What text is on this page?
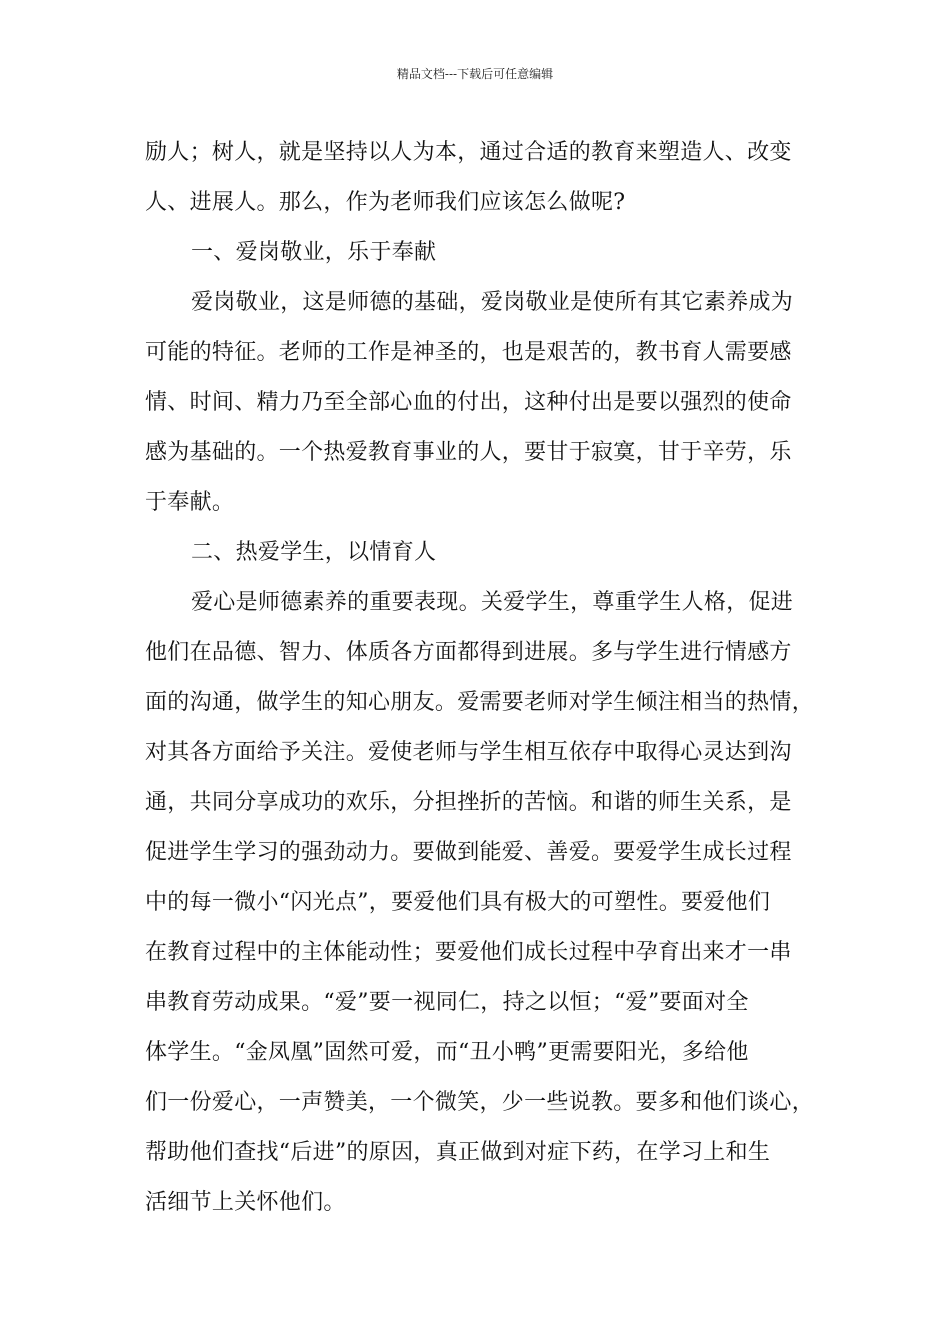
精品文档---下载后可任意编辑
励人；树人，就是坚持以人为本，通过合适的教育来塑造人、改变
人、进展人。那么，作为老师我们应该怎么做呢?
一、爱岗敬业，乐于奉献
爱岗敬业，这是师德的基础，爱岗敬业是使所有其它素养成为
可能的特征。老师的工作是神圣的，也是艰苦的，教书育人需要感
情、时间、精力乃至全部心血的付出，这种付出是要以强烈的使命
感为基础的。一个热爱教育事业的人，要甘于寂寞，甘于辛劳，乐
于奉献。
二、热爱学生，以情育人
爱心是师德素养的重要表现。关爱学生，尊重学生人格，促进
他们在品德、智力、体质各方面都得到进展。多与学生进行情感方
面的沟通，做学生的知心朋友。爱需要老师对学生倾注相当的热情，
对其各方面给予关注。爱使老师与学生相互依存中取得心灵达到沟
通，共同分享成功的欢乐，分担挫折的苦恼。和谐的师生关系，是
促进学生学习的强劲动力。要做到能爱、善爱。要爱学生成长过程
中的每一微小“闪光点”，要爱他们具有极大的可塑性。要爱他们
在教育过程中的主体能动性；要爱他们成长过程中孕育出来才一串
串教育劳动成果。“爱”要一视同仁，持之以恒；“爱”要面对全
体学生。“金凤凰”固然可爱，而“丑小鸭”更需要阳光，多给他
们一份爱心，一声赞美，一个微笑，少一些说教。要多和他们谈心，
帮助他们查找“后进”的原因，真正做到对症下药，在学习上和生
活细节上关怀他们。
